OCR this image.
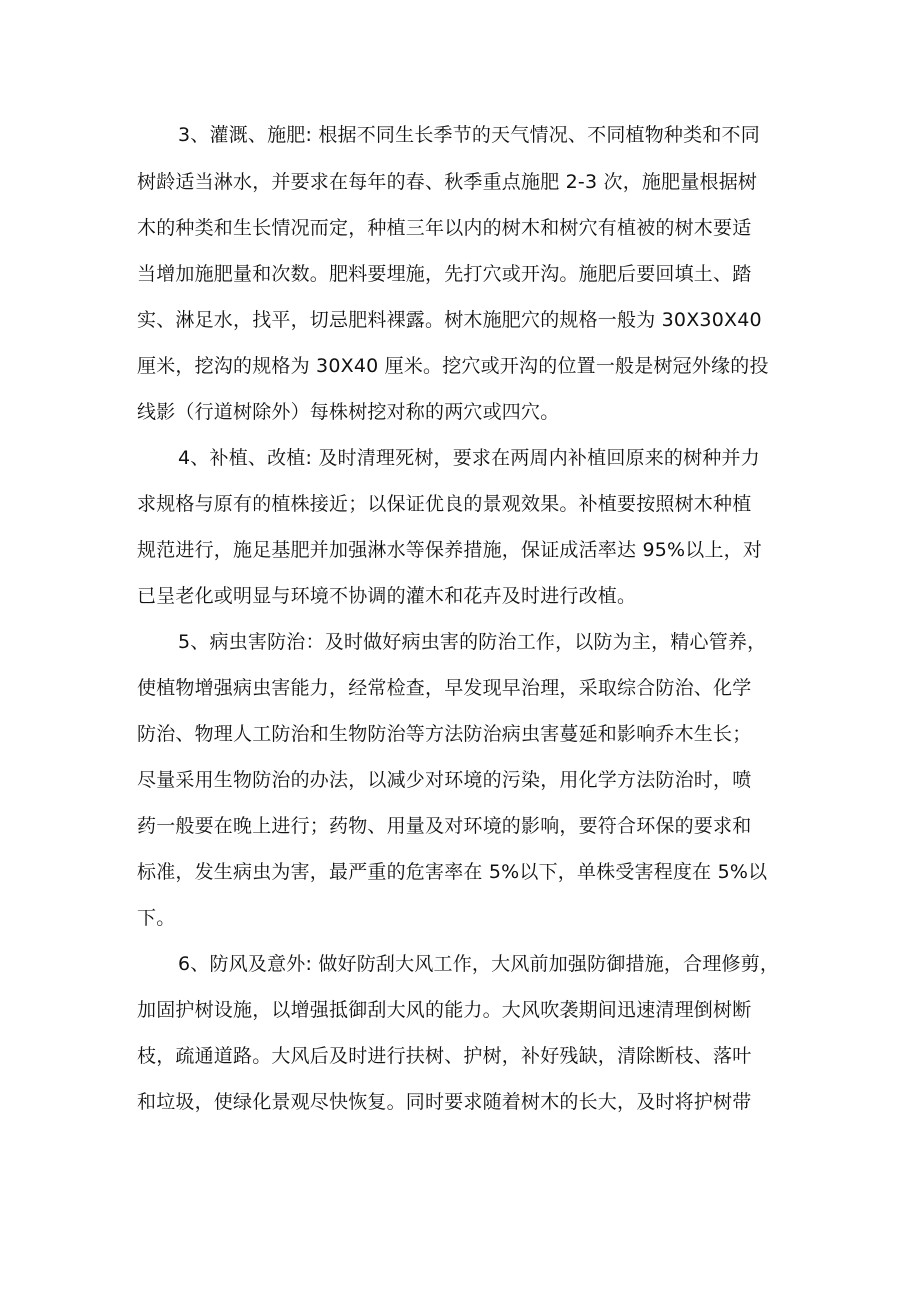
3、灌溉、施肥: 根据不同生长季节的天气情况、不同植物种类和不同
树龄适当淋水，并要求在每年的春、秋季重点施肥 2-3 次，施肥量根据树
木的种类和生长情况而定，种植三年以内的树木和树穴有植被的树木要适
当增加施肥量和次数。肥料要埋施，先打穴或开沟。施肥后要回填土、踏
实、淋足水，找平，切忌肥料裸露。树木施肥穴的规格一般为 30X30X40
厘米，挖沟的规格为 30X40 厘米。挖穴或开沟的位置一般是树冠外缘的投
线影（行道树除外）每株树挖对称的两穴或四穴。
4、补植、改植: 及时清理死树，要求在两周内补植回原来的树种并力
求规格与原有的植株接近；以保证优良的景观效果。补植要按照树木种植
规范进行，施足基肥并加强淋水等保养措施，保证成活率达 95%以上，对
已呈老化或明显与环境不协调的灌木和花卉及时进行改植。
5、病虫害防治：及时做好病虫害的防治工作，以防为主，精心管养，
使植物增强病虫害能力，经常检查，早发现早治理，采取综合防治、化学
防治、物理人工防治和生物防治等方法防治病虫害蔓延和影响乔木生长；
尽量采用生物防治的办法，以减少对环境的污染，用化学方法防治时，喷
药一般要在晚上进行；药物、用量及对环境的影响，要符合环保的要求和
标准，发生病虫为害，最严重的危害率在 5%以下，单株受害程度在 5%以
下。
6、防风及意外: 做好防刮大风工作，大风前加强防御措施，合理修剪，
加固护树设施，以增强抵御刮大风的能力。大风吹袭期间迅速清理倒树断
枝，疏通道路。大风后及时进行扶树、护树，补好残缺，清除断枝、落叶
和垃圾，使绿化景观尽快恢复。同时要求随着树木的长大，及时将护树带
